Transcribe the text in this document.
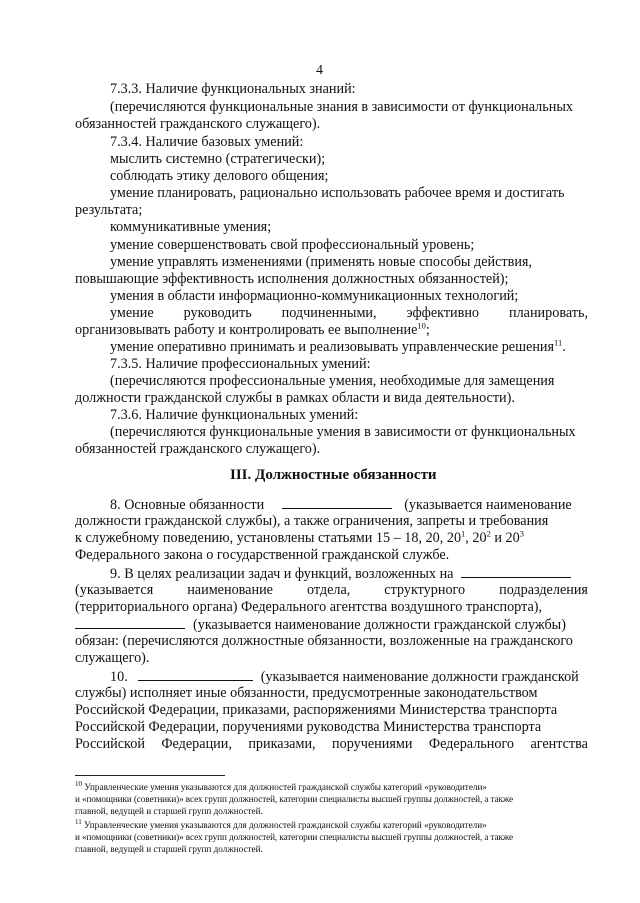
4
7.3.3. Наличие функциональных знаний:
(перечисляются функциональные знания в зависимости от функциональных
обязанностей гражданского служащего).
7.3.4. Наличие базовых умений:
мыслить системно (стратегически);
соблюдать этику делового общения;
умение планировать, рационально использовать рабочее время и достигать
результата;
коммуникативные умения;
умение совершенствовать свой профессиональный уровень;
умение управлять изменениями (применять новые способы действия,
повышающие эффективность исполнения должностных обязанностей);
умения в области информационно-коммуникационных технологий;
умение руководить подчиненными, эффективно планировать,
организовывать работу и контролировать ее выполнение$^{10}$;
умение оперативно принимать и реализовывать управленческие решения$^{11}$.
7.3.5. Наличие профессиональных умений:
(перечисляются профессиональные умения, необходимые для замещения
должности гражданской службы в рамках области и вида деятельности).
7.3.6. Наличие функциональных умений:
(перечисляются функциональные умения в зависимости от функциональных
обязанностей гражданского служащего).
III. Должностные обязанности
8. Основные обязанности	(указывается наименование
должности гражданской службы), а также ограничения, запреты и требования
к служебному поведению, установлены статьями 15 – 18, 20, $20^1$, $20^2$ и $20^3$
Федерального закона о государственной гражданской службе.
9. В целях реализации задач и функций, возложенных на
(указывается наименование отдела, структурного подразделения
(территориального органа) Федерального агентства воздушного транспорта),
(указывается наименование должности гражданской службы)
обязан: (перечисляются должностные обязанности, возложенные на гражданского
служащего).
10.	(указывается наименование должности гражданской
службы) исполняет иные обязанности, предусмотренные законодательством
Российской Федерации, приказами, распоряжениями Министерства транспорта
Российской Федерации, поручениями руководства Министерства транспорта
Российской Федерации, приказами, поручениями Федерального агентства
$^{10}$ Управленческие умения указываются для должностей гражданской службы категорий «руководители»
и «помощники (советники)» всех групп должностей, категории специалисты высшей группы должностей, а также
главной, ведущей и старшей групп должностей.
$^{11}$ Управленческие умения указываются для должностей гражданской службы категорий «руководители»
и «помощники (советники)» всех групп должностей, категории специалисты высшей группы должностей, а также
главной, ведущей и старшей групп должностей.
